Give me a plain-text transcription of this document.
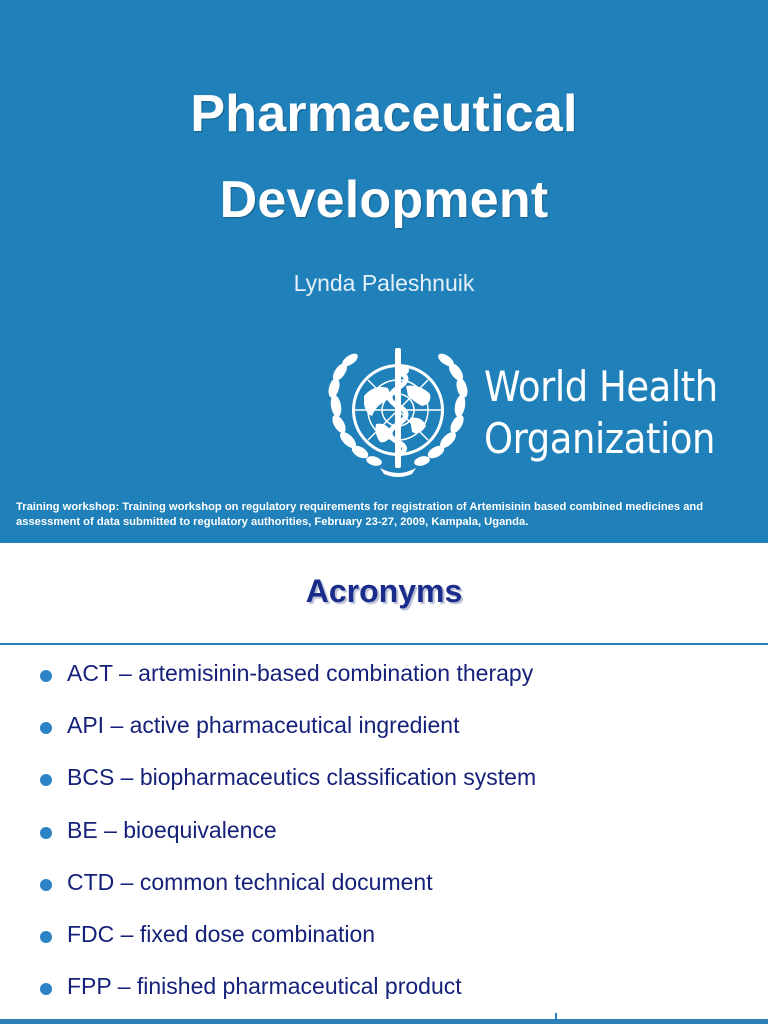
Pharmaceutical
Development
Lynda Paleshnuik
World Health
Organization
Training workshop: Training workshop on regulatory requirements for registration of Artemisinin based combined medicines and assessment of data submitted to regulatory authorities, February 23-27, 2009, Kampala, Uganda.
Acronyms
ACT – artemisinin-based combination therapy
API – active pharmaceutical ingredient
BCS – biopharmaceutics classification system
BE – bioequivalence
CTD – common technical document
FDC – fixed dose combination
FPP – finished pharmaceutical product
